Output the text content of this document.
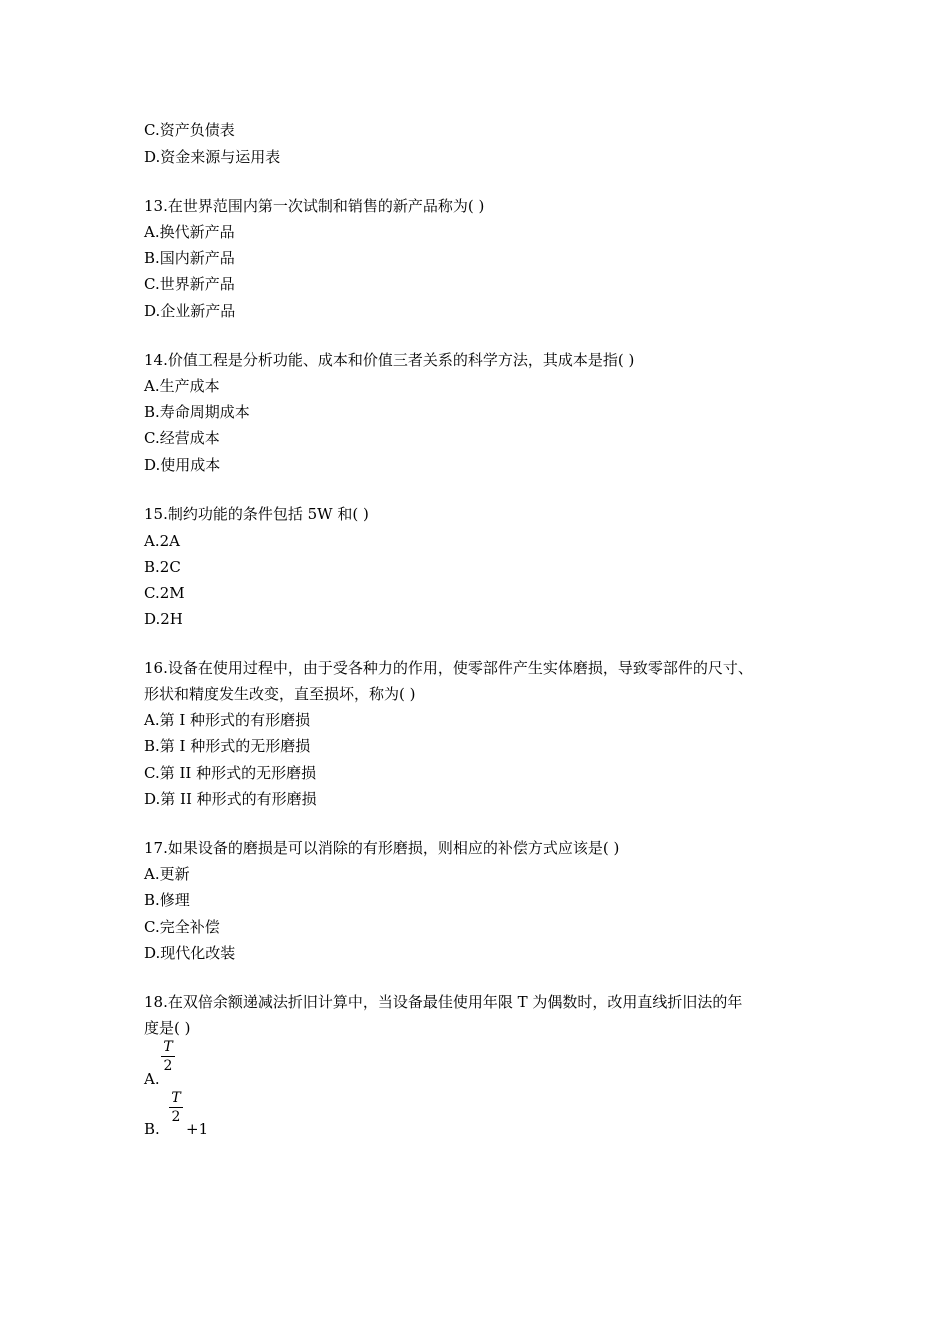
C.资产负债表
D.资金来源与运用表
13.在世界范围内第一次试制和销售的新产品称为( )
A.换代新产品
B.国内新产品
C.世界新产品
D.企业新产品
14.价值工程是分析功能、成本和价值三者关系的科学方法，其成本是指( )
A.生产成本
B.寿命周期成本
C.经营成本
D.使用成本
15.制约功能的条件包括 5W 和( )
A.2A
B.2C
C.2M
D.2H
16.设备在使用过程中，由于受各种力的作用，使零部件产生实体磨损，导致零部件的尺寸、
形状和精度发生改变，直至损坏，称为( )
A.第 I 种形式的有形磨损
B.第 I 种形式的无形磨损
C.第 II 种形式的无形磨损
D.第 II 种形式的有形磨损
17.如果设备的磨损是可以消除的有形磨损，则相应的补偿方式应该是( )
A.更新
B.修理
C.完全补偿
D.现代化改装
18.在双倍余额递减法折旧计算中，当设备最佳使用年限 T 为偶数时，改用直线折旧法的年
度是( )
$\frac{T}{2}$
A.
$\frac{T}{2}$
B. +1
